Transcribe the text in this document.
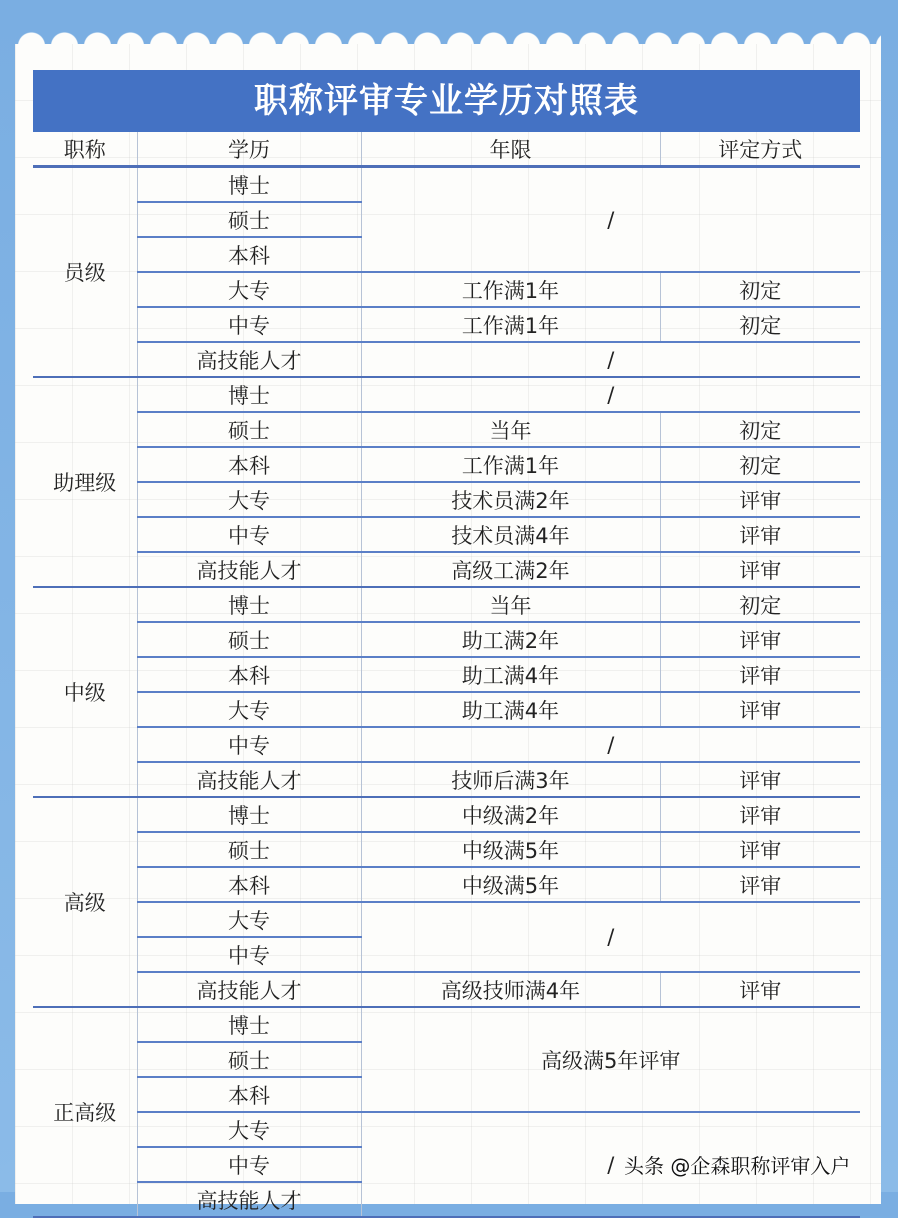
职称评审专业学历对照表
职称	学历	年限	评定方式
员级	博士	/	
	硕士		
	本科		
	大专	工作满1年	初定
	中专	工作满1年	初定
	高技能人才	/	
助理级	博士	/	
	硕士	当年	初定
	本科	工作满1年	初定
	大专	技术员满2年	评审
	中专	技术员满4年	评审
	高技能人才	高级工满2年	评审
中级	博士	当年	初定
	硕士	助工满2年	评审
	本科	助工满4年	评审
	大专	助工满4年	评审
	中专	/	
	高技能人才	技师后满3年	评审
高级	博士	中级满2年	评审
	硕士	中级满5年	评审
	本科	中级满5年	评审
	大专	/	
	中专		
	高技能人才	高级技师满4年	评审
正高级	博士	高级满5年评审	
	硕士		
	本科		
	大专	/	
	中专		
	高技能人才		
头条 @企森职称评审入户
